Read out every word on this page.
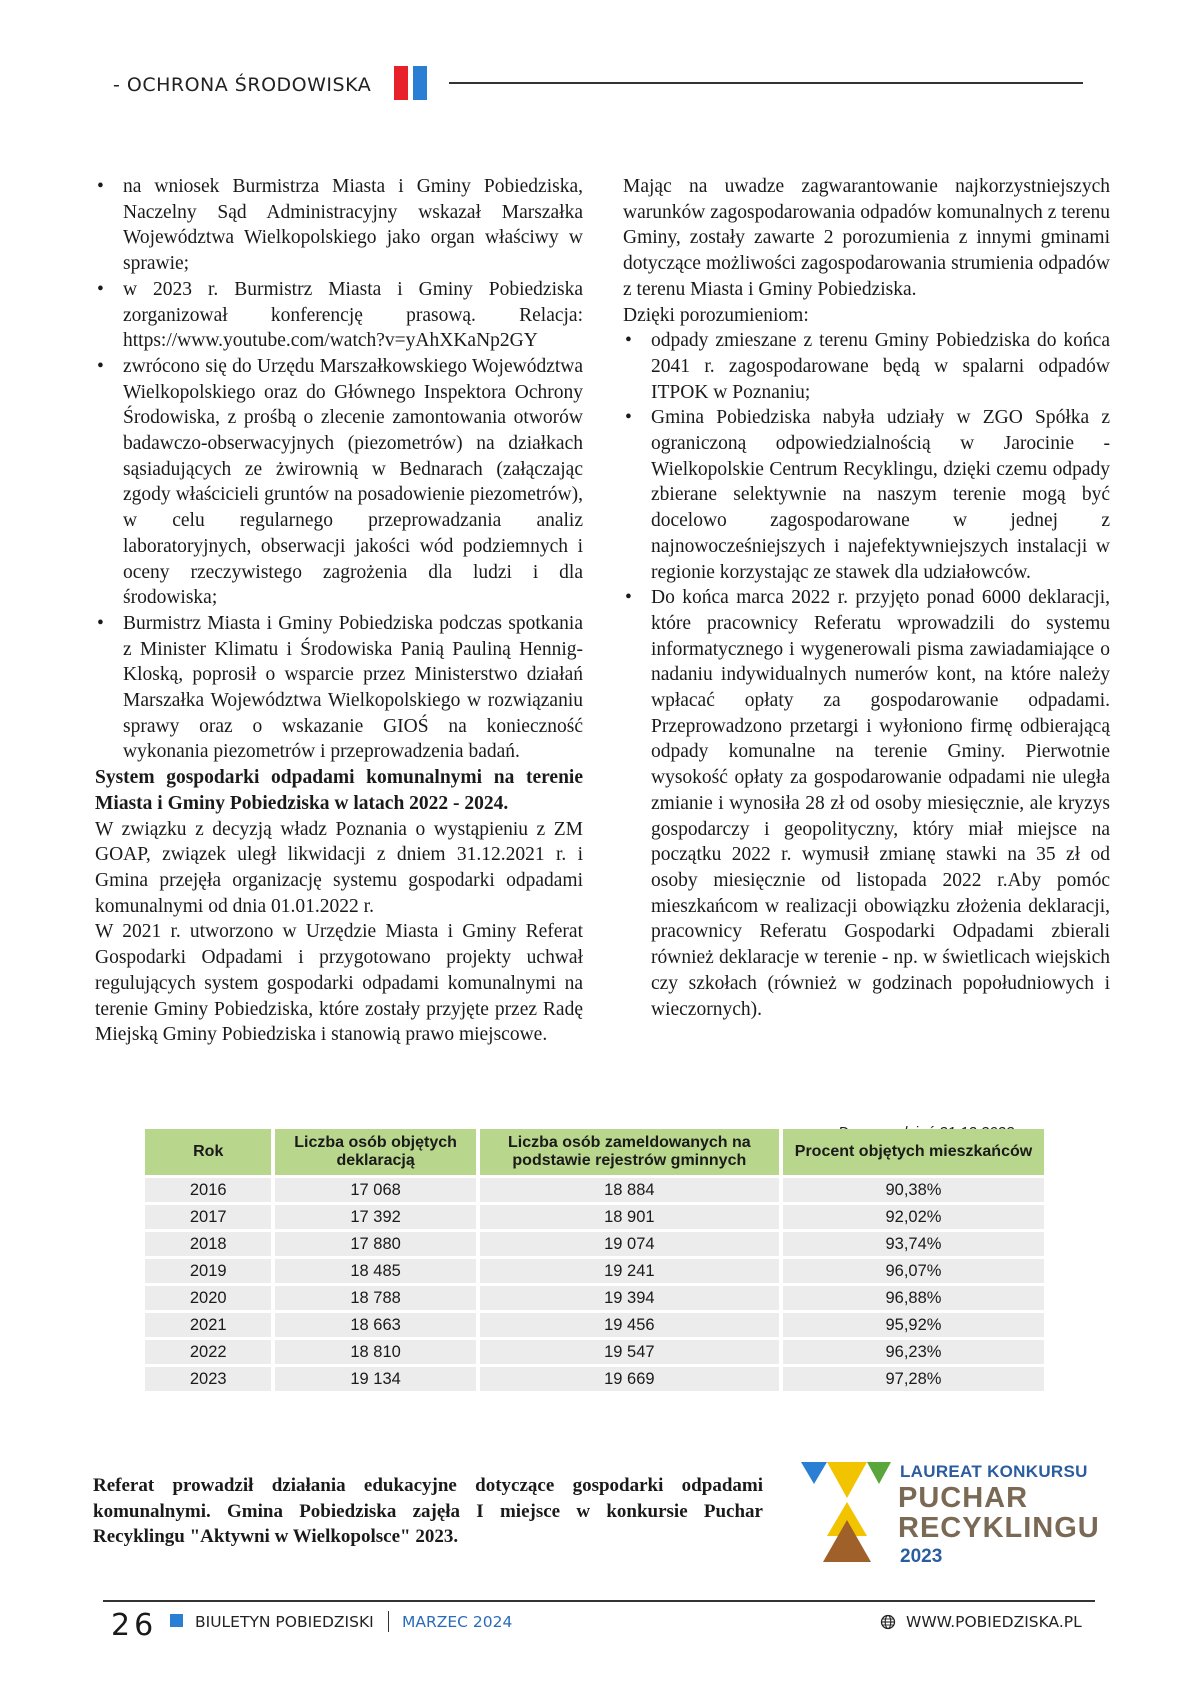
- OCHRONA ŚRODOWISKA
• na wniosek Burmistrza Miasta i Gminy Pobiedziska, Naczelny Sąd Administracyjny wskazał Marszałka Województwa Wielkopolskiego jako organ właściwy w sprawie;
• w 2023 r. Burmistrz Miasta i Gminy Pobiedziska zorganizował konferencję prasową. Relacja: https://www.youtube.com/watch?v=yAhXKaNp2GY
• zwrócono się do Urzędu Marszałkowskiego Województwa Wielkopolskiego oraz do Głównego Inspektora Ochrony Środowiska, z prośbą o zlecenie zamontowania otworów badawczo-obserwacyjnych (piezometrów) na działkach sąsiadujących ze żwirownią w Bednarach (załączając zgody właścicieli gruntów na posadowienie piezometrów), w celu regularnego przeprowadzania analiz laboratoryjnych, obserwacji jakości wód podziemnych i oceny rzeczywistego zagrożenia dla ludzi i dla środowiska;
• Burmistrz Miasta i Gminy Pobiedziska podczas spotkania z Minister Klimatu i Środowiska Panią Pauliną Hennig-Kloską, poprosił o wsparcie przez Ministerstwo działań Marszałka Województwa Wielkopolskiego w rozwiązaniu sprawy oraz o wskazanie GIOŚ na konieczność wykonania piezometrów i przeprowadzenia badań.

System gospodarki odpadami komunalnymi na terenie Miasta i Gminy Pobiedziska w latach 2022 - 2024.

W związku z decyzją władz Poznania o wystąpieniu z ZM GOAP, związek uległ likwidacji z dniem 31.12.2021 r. i Gmina przejęła organizację systemu gospodarki odpadami komunalnymi od dnia 01.01.2022 r.

W 2021 r. utworzono w Urzędzie Miasta i Gminy Referat Gospodarki Odpadami i przygotowano projekty uchwał regulujących system gospodarki odpadami komunalnymi na terenie Gminy Pobiedziska, które zostały przyjęte przez Radę Miejską Gminy Pobiedziska i stanowią prawo miejscowe.

Mając na uwadze zagwarantowanie najkorzystniejszych warunków zagospodarowania odpadów komunalnych z terenu Gminy, zostały zawarte 2 porozumienia z innymi gminami dotyczące możliwości zagospodarowania strumienia odpadów z terenu Miasta i Gminy Pobiedziska.

Dzięki porozumieniom:

• odpady zmieszane z terenu Gminy Pobiedziska do końca 2041 r. zagospodarowane będą w spalarni odpadów ITPOK w Poznaniu;
• Gmina Pobiedziska nabyła udziały w ZGO Spółka z ograniczoną odpowiedzialnością w Jarocinie - Wielkopolskie Centrum Recyklingu, dzięki czemu odpady zbierane selektywnie na naszym terenie mogą być docelowo zagospodarowane w jednej z najnowocześniejszych i najefektywniejszych instalacji w regionie korzystając ze stawek dla udziałowców.
• Do końca marca 2022 r. przyjęto ponad 6000 deklaracji, które pracownicy Referatu wprowadzili do systemu informatycznego i wygenerowali pisma zawiadamiające o nadaniu indywidualnych numerów kont, na które należy wpłacać opłaty za gospodarowanie odpadami. Przeprowadzono przetargi i wyłoniono firmę odbierającą odpady komunalne na terenie Gminy. Pierwotnie wysokość opłaty za gospodarowanie odpadami nie uległa zmianie i wynosiła 28 zł od osoby miesięcznie, ale kryzys gospodarczy i geopolityczny, który miał miejsce na początku 2022 r. wymusił zmianę stawki na 35 zł od osoby miesięcznie od listopada 2022 r.Aby pomóc mieszkańcom w realizacji obowiązku złożenia deklaracji, pracownicy Referatu Gospodarki Odpadami zbierali również deklaracje w terenie - np. w świetlicach wiejskich czy szkołach (również w godzinach popołudniowych i wieczornych).
Rok	Liczba osób objętych deklaracją	Liczba osób zameldowanych na podstawie rejestrów gminnych	Procent objętych mieszkańców
2016	17 068	18 884	90,38%
2017	17 392	18 901	92,02%
2018	17 880	19 074	93,74%
2019	18 485	19 241	96,07%
2020	18 788	19 394	96,88%
2021	18 663	19 456	95,92%
2022	18 810	19 547	96,23%
2023	19 134	19 669	97,28%
Referat prowadził działania edukacyjne dotyczące gospodarki odpadami komunalnymi. Gmina Pobiedziska zajęła I miejsce w konkursie Puchar Recyklingu "Aktywni w Wielkopolsce" 2023.
LAUREAT KONKURSU
PUCHAR
RECYKLINGU
2023
26 BIULETYN POBIEDZISKI MARZEC 2024	WWW.POBIEDZISKA.PL
